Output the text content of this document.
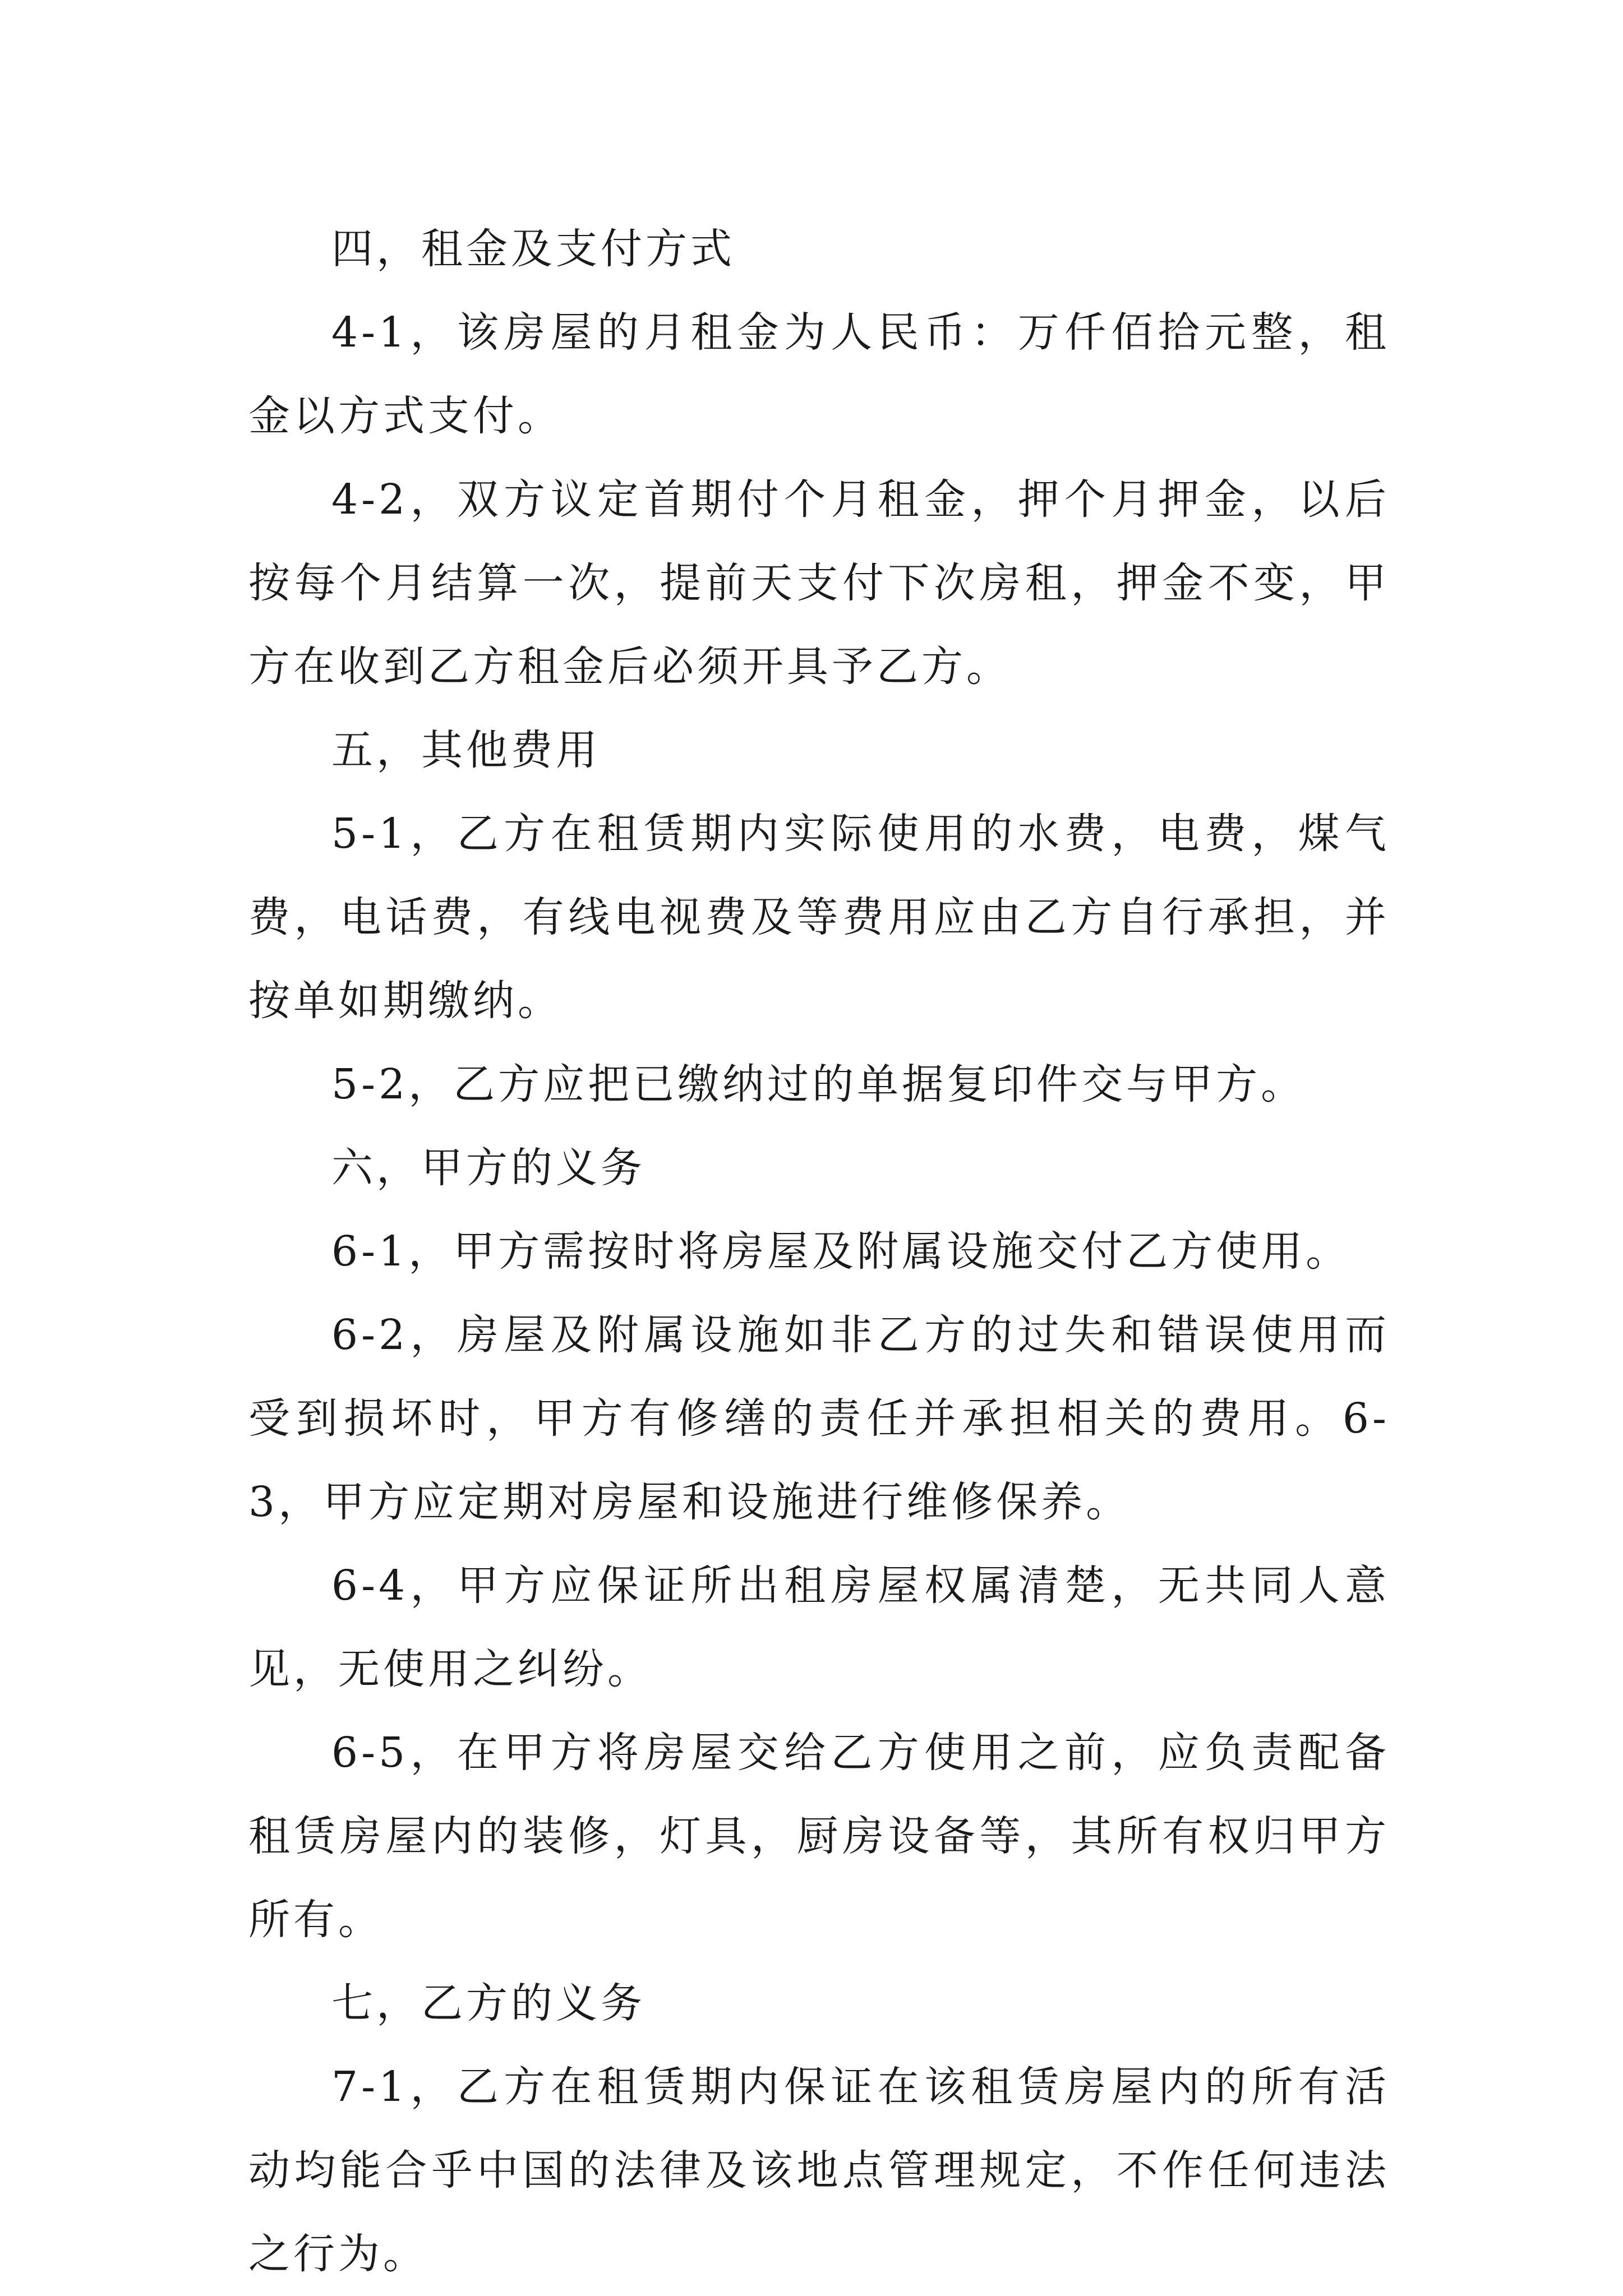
四，租金及支付方式

4-1，该房屋的月租金为人民币：万仟佰拾元整，租金以方式支付。

4-2，双方议定首期付个月租金，押个月押金，以后按每个月结算一次，提前天支付下次房租，押金不变，甲方在收到乙方租金后必须开具予乙方。

五，其他费用

5-1，乙方在租赁期内实际使用的水费，电费，煤气费，电话费，有线电视费及等费用应由乙方自行承担，并按单如期缴纳。

5-2，乙方应把已缴纳过的单据复印件交与甲方。

六，甲方的义务

6-1，甲方需按时将房屋及附属设施交付乙方使用。

6-2，房屋及附属设施如非乙方的过失和错误使用而受到损坏时，甲方有修缮的责任并承担相关的费用。6-3，甲方应定期对房屋和设施进行维修保养。

6-4，甲方应保证所出租房屋权属清楚，无共同人意见，无使用之纠纷。

6-5，在甲方将房屋交给乙方使用之前，应负责配备租赁房屋内的装修，灯具，厨房设备等，其所有权归甲方所有。

七，乙方的义务

7-1，乙方在租赁期内保证在该租赁房屋内的所有活动均能合乎中国的法律及该地点管理规定，不作任何违法之行为。
